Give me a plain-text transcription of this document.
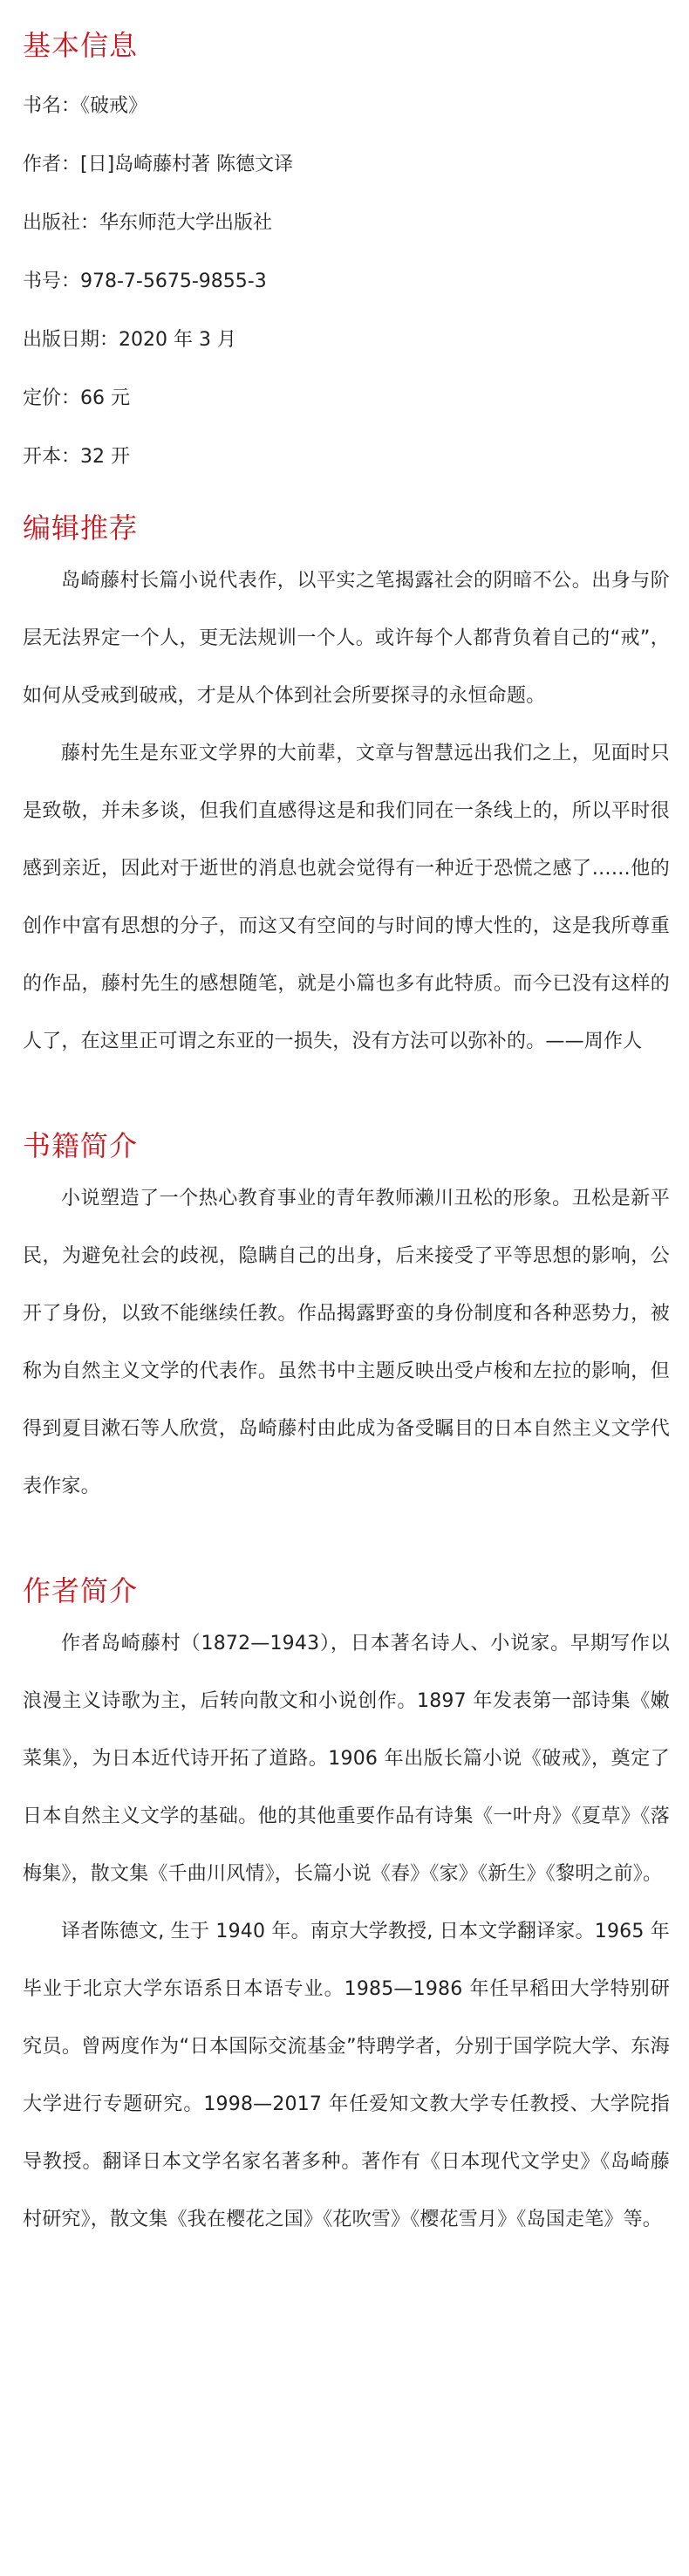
基本信息
书名：《破戒》
作者：[日]岛崎藤村著 陈德文译
出版社：华东师范大学出版社
书号：978-7-5675-9855-3
出版日期：2020 年 3 月
定价：66 元
开本：32 开
编辑推荐

岛崎藤村长篇小说代表作，以平实之笔揭露社会的阴暗不公。出身与阶层无法界定一个人，更无法规训一个人。或许每个人都背负着自己的“戒”，如何从受戒到破戒，才是从个体到社会所要探寻的永恒命题。

藤村先生是东亚文学界的大前辈，文章与智慧远出我们之上，见面时只是致敬，并未多谈，但我们直感得这是和我们同在一条线上的，所以平时很感到亲近，因此对于逝世的消息也就会觉得有一种近于恐慌之感了……他的创作中富有思想的分子，而这又有空间的与时间的博大性的，这是我所尊重的作品，藤村先生的感想随笔，就是小篇也多有此特质。而今已没有这样的人了，在这里正可谓之东亚的一损失，没有方法可以弥补的。——周作人

书籍简介

小说塑造了一个热心教育事业的青年教师濑川丑松的形象。丑松是新平民，为避免社会的歧视，隐瞒自己的出身，后来接受了平等思想的影响，公开了身份，以致不能继续任教。作品揭露野蛮的身份制度和各种恶势力，被称为自然主义文学的代表作。虽然书中主题反映出受卢梭和左拉的影响，但得到夏目漱石等人欣赏，岛崎藤村由此成为备受瞩目的日本自然主义文学代表作家。

作者简介

作者岛崎藤村（1872—1943），日本著名诗人、小说家。早期写作以浪漫主义诗歌为主，后转向散文和小说创作。1897 年发表第一部诗集《嫩菜集》，为日本近代诗开拓了道路。1906 年出版长篇小说《破戒》，奠定了日本自然主义文学的基础。他的其他重要作品有诗集《一叶舟》《夏草》《落梅集》，散文集《千曲川风情》，长篇小说《春》《家》《新生》《黎明之前》。

译者陈德文, 生于 1940 年。南京大学教授, 日本文学翻译家。1965 年毕业于北京大学东语系日本语专业。1985—1986 年任早稻田大学特别研究员。曾两度作为“日本国际交流基金”特聘学者，分别于国学院大学、东海大学进行专题研究。1998—2017 年任爱知文教大学专任教授、大学院指导教授。翻译日本文学名家名著多种。著作有《日本现代文学史》《岛崎藤村研究》，散文集《我在樱花之国》《花吹雪》《樱花雪月》《岛国走笔》等。
